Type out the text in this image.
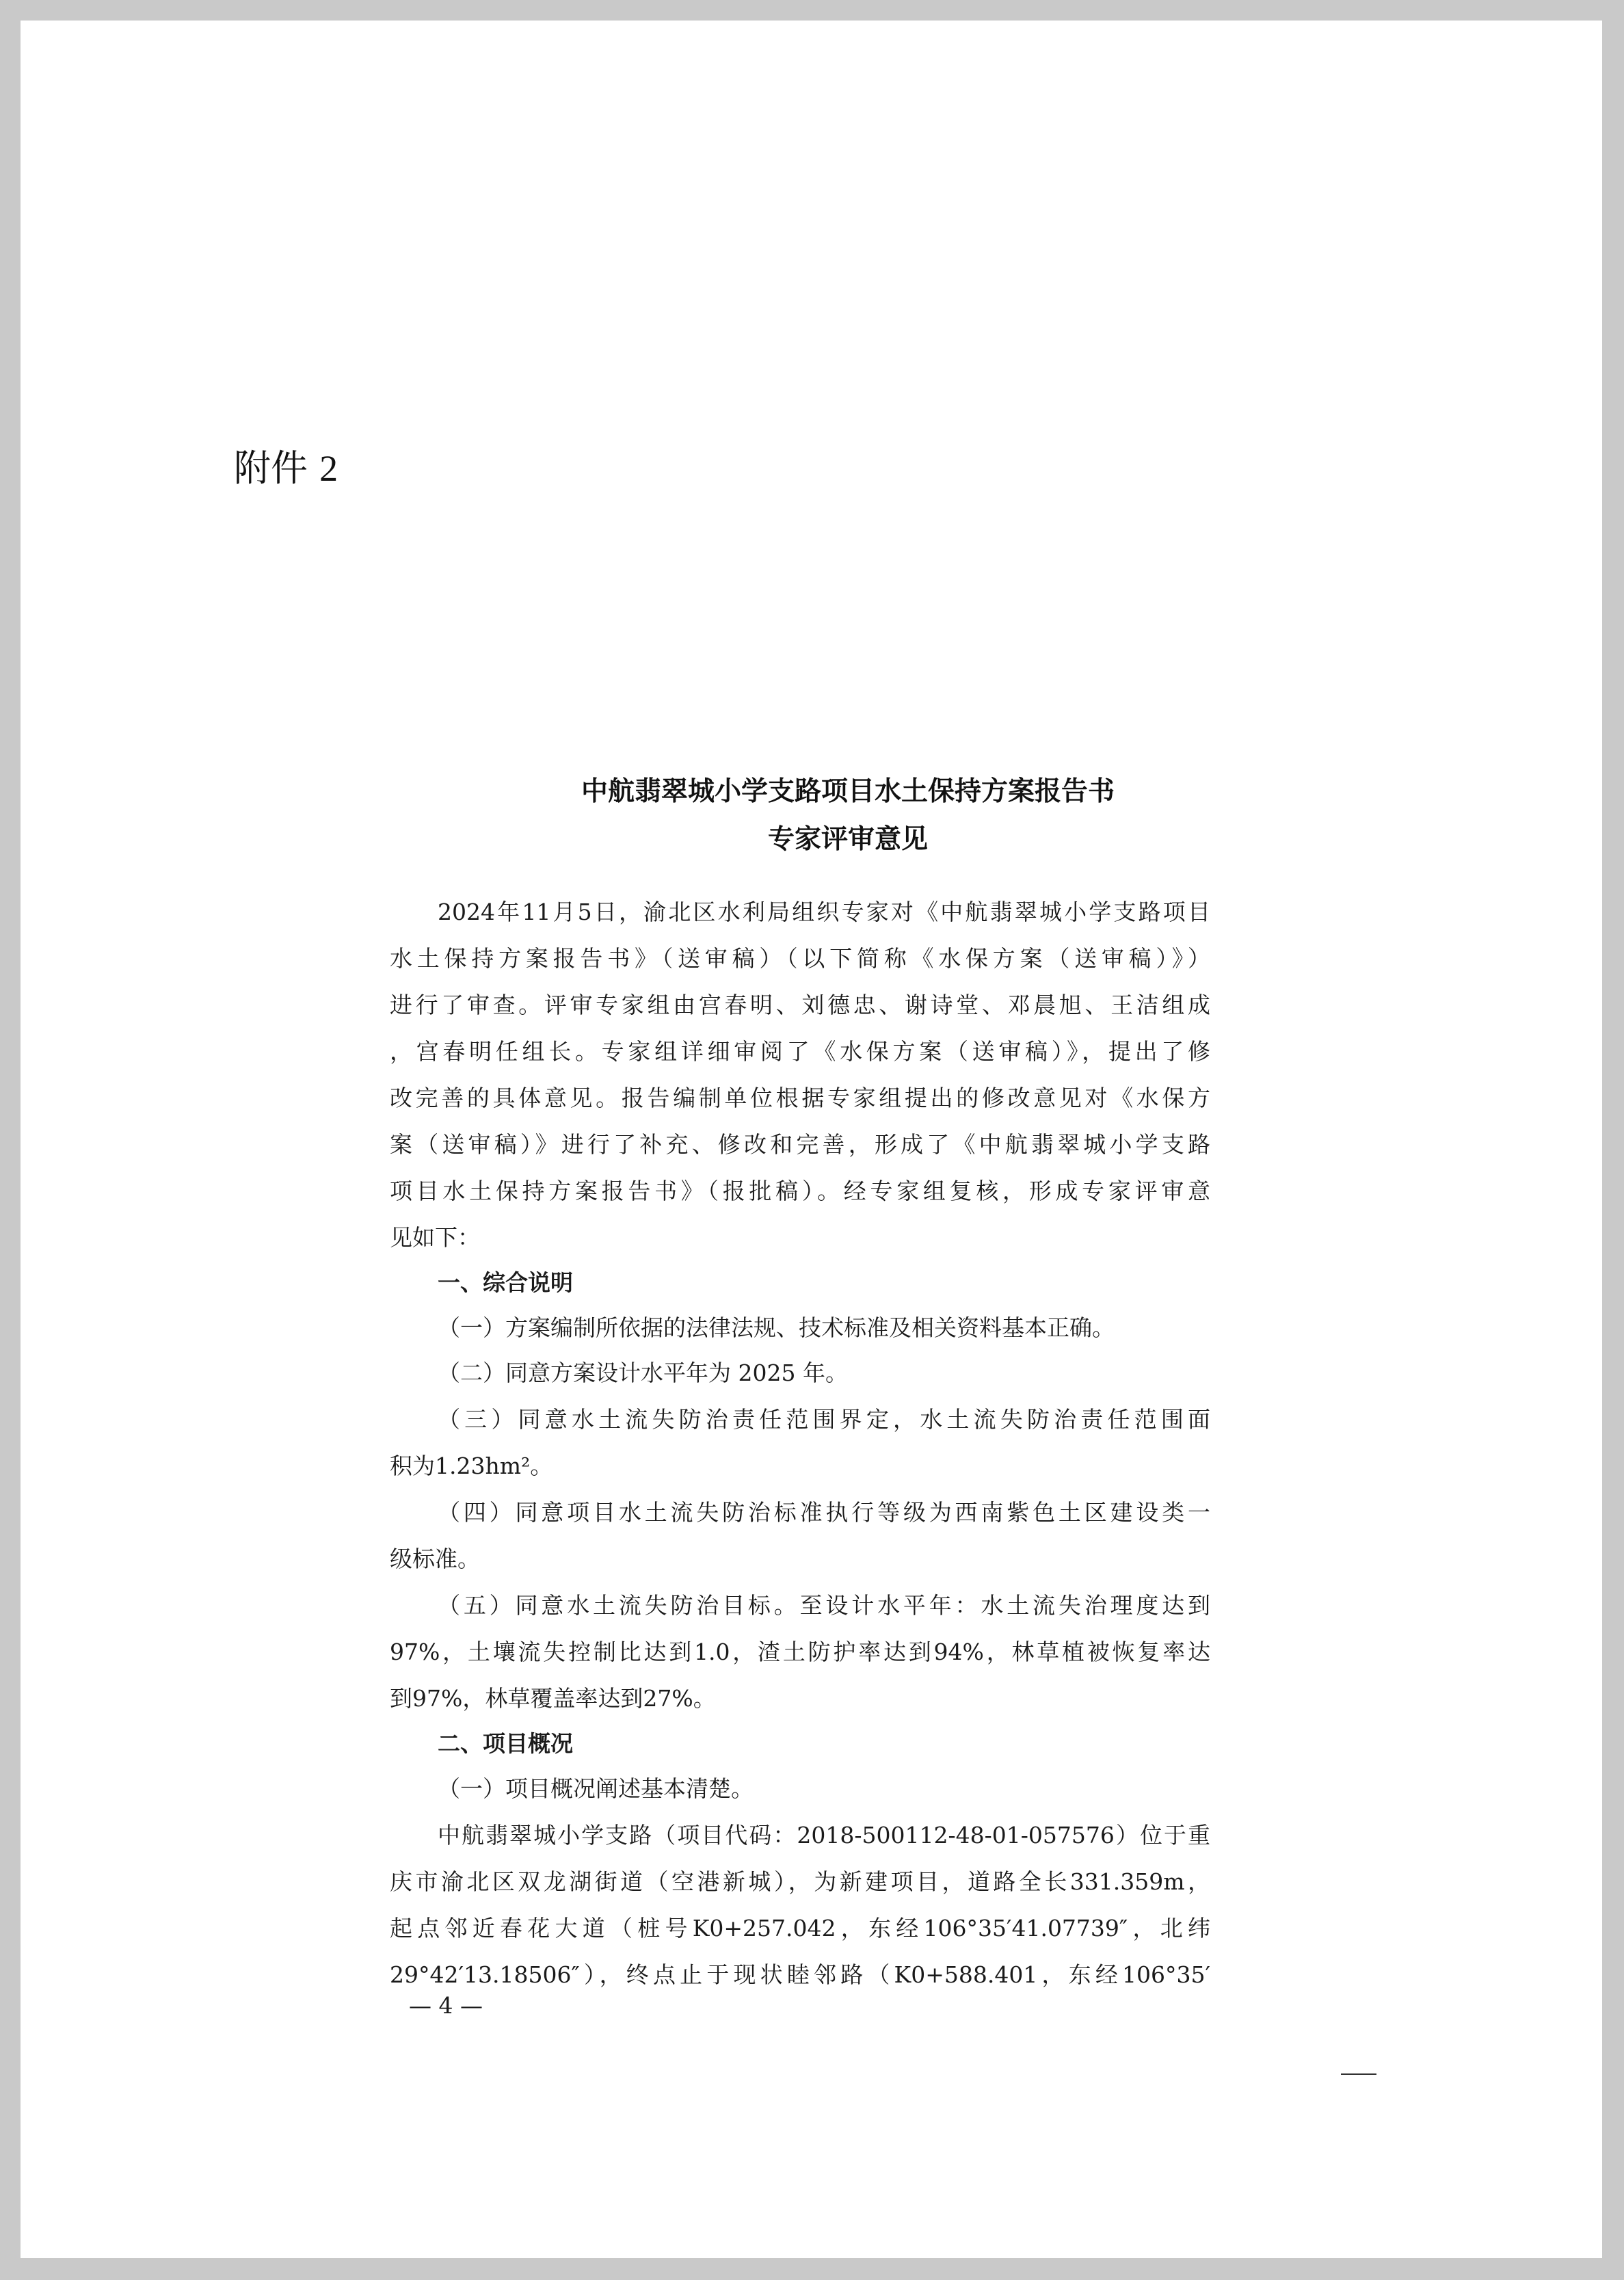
附件 2
中航翡翠城小学支路项目水土保持方案报告书
专家评审意见
2024年11月5日，渝北区水利局组织专家对《中航翡翠城小学支路项目
水土保持方案报告书》（送审稿）（以下简称《水保方案（送审稿）》）
进行了审查。评审专家组由宫春明、刘德忠、谢诗堂、邓晨旭、王洁组成
，宫春明任组长。专家组详细审阅了《水保方案（送审稿）》，提出了修
改完善的具体意见。报告编制单位根据专家组提出的修改意见对《水保方
案（送审稿）》进行了补充、修改和完善，形成了《中航翡翠城小学支路
项目水土保持方案报告书》（报批稿）。经专家组复核，形成专家评审意
见如下：
一、综合说明
（一）方案编制所依据的法律法规、技术标准及相关资料基本正确。
（二）同意方案设计水平年为 2025 年。
（三）同意水土流失防治责任范围界定，水土流失防治责任范围面
积为1.23hm²。
（四）同意项目水土流失防治标准执行等级为西南紫色土区建设类一
级标准。
（五）同意水土流失防治目标。至设计水平年：水土流失治理度达到
97%，土壤流失控制比达到1.0，渣土防护率达到94%，林草植被恢复率达
到97%，林草覆盖率达到27%。
二、项目概况
（一）项目概况阐述基本清楚。
中航翡翠城小学支路（项目代码：2018-500112-48-01-057576）位于重
庆市渝北区双龙湖街道（空港新城），为新建项目，道路全长331.359m，
起点邻近春花大道（桩号K0+257.042，东经106°35′41.07739″，北纬
29°42′13.18506″），终点止于现状睦邻路（K0+588.401，东经106°35′
— 4 —
